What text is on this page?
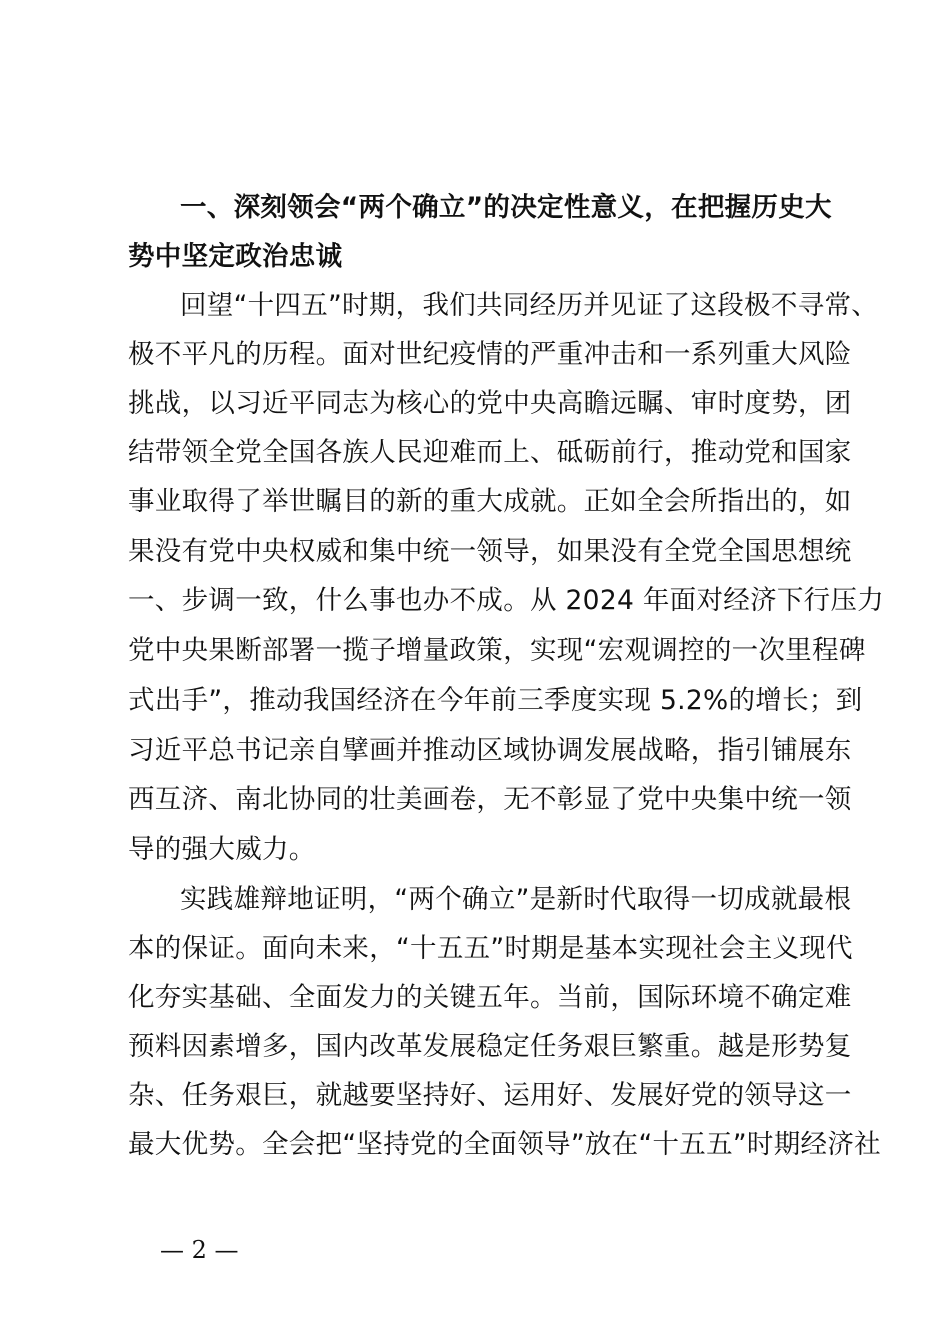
一、深刻领会“两个确立”的决定性意义，在把握历史大
势中坚定政治忠诚
回望“十四五”时期，我们共同经历并见证了这段极不寻常、
极不平凡的历程。面对世纪疫情的严重冲击和一系列重大风险
挑战，以习近平同志为核心的党中央高瞻远瞩、审时度势，团
结带领全党全国各族人民迎难而上、砥砺前行，推动党和国家
事业取得了举世瞩目的新的重大成就。正如全会所指出的，如
果没有党中央权威和集中统一领导，如果没有全党全国思想统
一、步调一致，什么事也办不成。从 2024 年面对经济下行压力
党中央果断部署一揽子增量政策，实现“宏观调控的一次里程碑
式出手”，推动我国经济在今年前三季度实现 5.2%的增长；到
习近平总书记亲自擘画并推动区域协调发展战略，指引铺展东
西互济、南北协同的壮美画卷，无不彰显了党中央集中统一领
导的强大威力。
实践雄辩地证明，“两个确立”是新时代取得一切成就最根
本的保证。面向未来，“十五五”时期是基本实现社会主义现代
化夯实基础、全面发力的关键五年。当前，国际环境不确定难
预料因素增多，国内改革发展稳定任务艰巨繁重。越是形势复
杂、任务艰巨，就越要坚持好、运用好、发展好党的领导这一
最大优势。全会把“坚持党的全面领导”放在“十五五”时期经济社
— 2 —
